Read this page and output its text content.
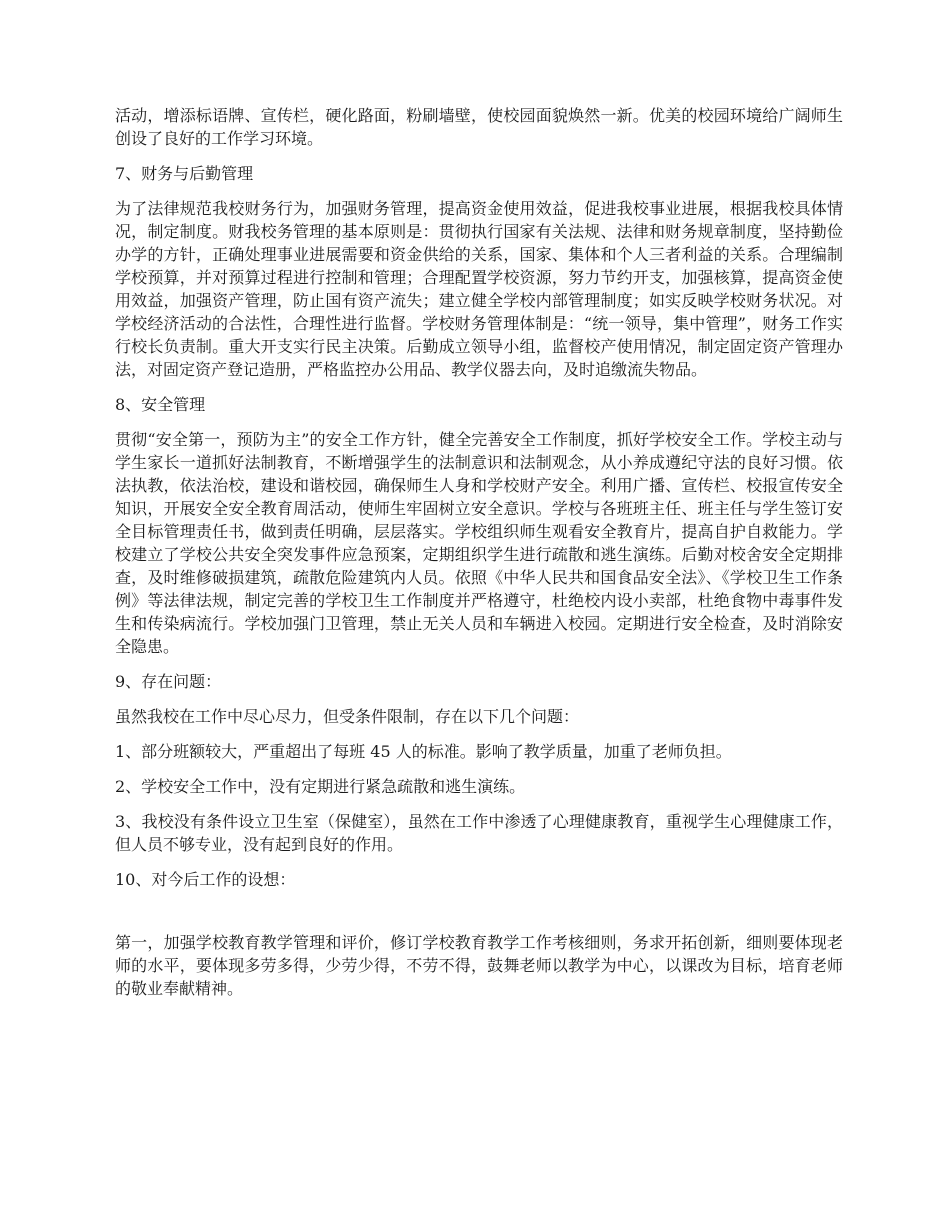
活动，增添标语牌、宣传栏，硬化路面，粉刷墙壁，使校园面貌焕然一新。优美的校园环境给广阔师生创设了良好的工作学习环境。

7、财务与后勤管理

为了法律规范我校财务行为，加强财务管理，提高资金使用效益，促进我校事业进展，根据我校具体情况，制定制度。财我校务管理的基本原则是：贯彻执行国家有关法规、法律和财务规章制度，坚持勤俭办学的方针，正确处理事业进展需要和资金供给的关系，国家、集体和个人三者利益的关系。合理编制学校预算，并对预算过程进行控制和管理；合理配置学校资源，努力节约开支，加强核算，提高资金使用效益，加强资产管理，防止国有资产流失；建立健全学校内部管理制度；如实反映学校财务状况。对学校经济活动的合法性，合理性进行监督。学校财务管理体制是：“统一领导，集中管理”，财务工作实行校长负责制。重大开支实行民主决策。后勤成立领导小组，监督校产使用情况，制定固定资产管理办法，对固定资产登记造册，严格监控办公用品、教学仪器去向，及时追缴流失物品。

8、安全管理

贯彻“安全第一，预防为主”的安全工作方针，健全完善安全工作制度，抓好学校安全工作。学校主动与学生家长一道抓好法制教育，不断增强学生的法制意识和法制观念，从小养成遵纪守法的良好习惯。依法执教，依法治校，建设和谐校园，确保师生人身和学校财产安全。利用广播、宣传栏、校报宣传安全知识，开展安全安全教育周活动，使师生牢固树立安全意识。学校与各班班主任、班主任与学生签订安全目标管理责任书，做到责任明确，层层落实。学校组织师生观看安全教育片，提高自护自救能力。学校建立了学校公共安全突发事件应急预案，定期组织学生进行疏散和逃生演练。后勤对校舍安全定期排查，及时维修破损建筑，疏散危险建筑内人员。依照《中华人民共和国食品安全法》、《学校卫生工作条例》等法律法规，制定完善的学校卫生工作制度并严格遵守，杜绝校内设小卖部，杜绝食物中毒事件发生和传染病流行。学校加强门卫管理，禁止无关人员和车辆进入校园。定期进行安全检查，及时消除安全隐患。

9、存在问题：

虽然我校在工作中尽心尽力，但受条件限制，存在以下几个问题：

1、部分班额较大，严重超出了每班 45 人的标准。影响了教学质量，加重了老师负担。

2、学校安全工作中，没有定期进行紧急疏散和逃生演练。

3、我校没有条件设立卫生室（保健室），虽然在工作中渗透了心理健康教育，重视学生心理健康工作，但人员不够专业，没有起到良好的作用。

10、对今后工作的设想：

第一，加强学校教育教学管理和评价，修订学校教育教学工作考核细则，务求开拓创新，细则要体现老师的水平，要体现多劳多得，少劳少得，不劳不得，鼓舞老师以教学为中心，以课改为目标，培育老师的敬业奉献精神。
